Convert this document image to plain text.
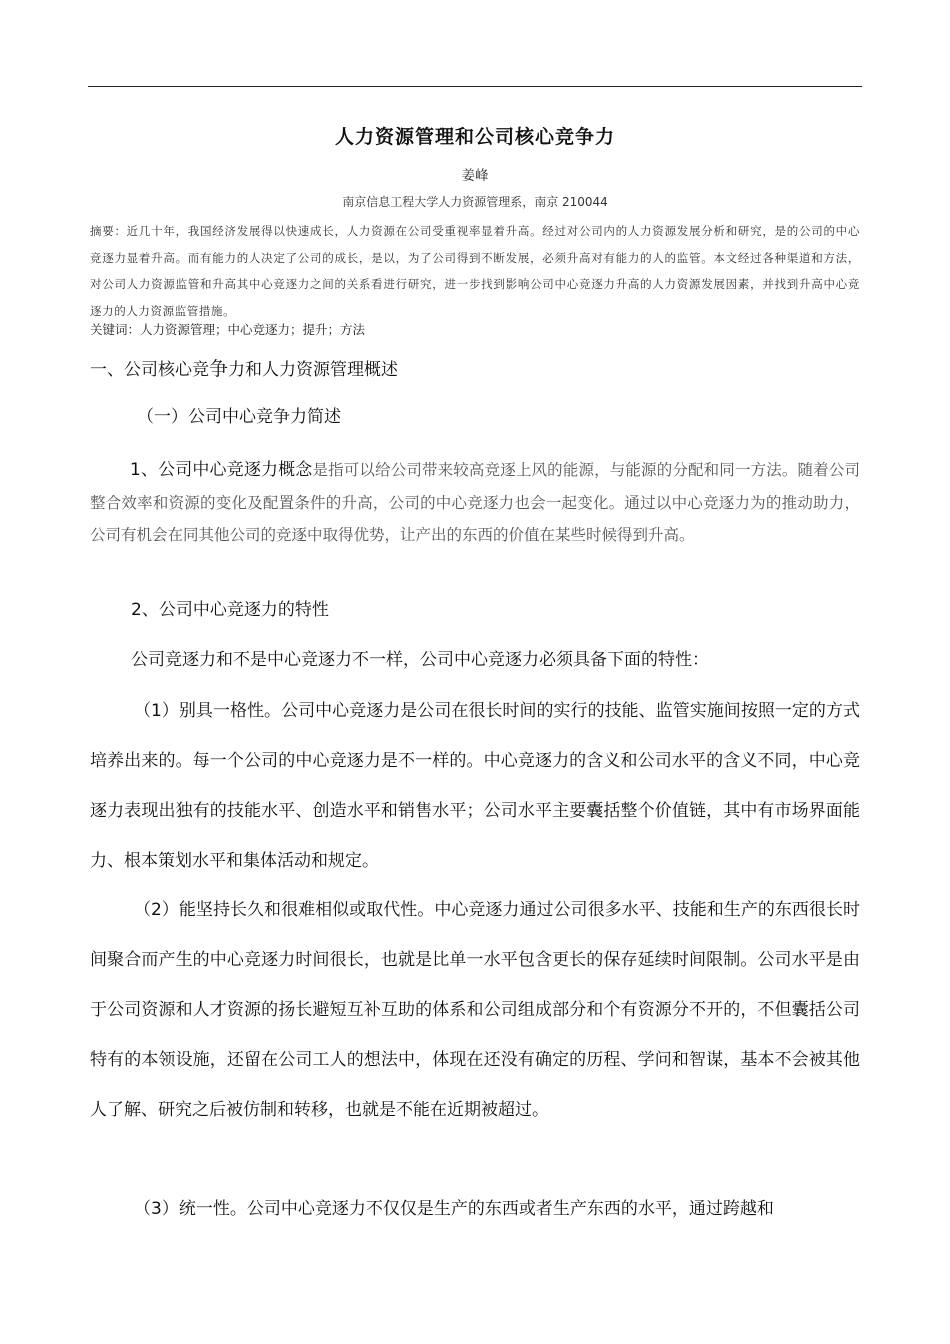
人力资源管理和公司核心竞争力
姜峰
南京信息工程大学人力资源管理系，南京 210044

摘要：近几十年，我国经济发展得以快速成长，人力资源在公司受重视率显着升高。经过对公司内的人力资源发展分析和研究，是的公司的中心竞逐力显着升高。而有能力的人决定了公司的成长，是以，为了公司得到不断发展，必须升高对有能力的人的监管。本文经过各种渠道和方法，对公司人力资源监管和升高其中心竞逐力之间的关系看进行研究，进一步找到影响公司中心竞逐力升高的人力资源发展因素，并找到升高中心竞逐力的人力资源监管措施。

关键词：人力资源管理；中心竞逐力；提升；方法

一、公司核心竞争力和人力资源管理概述

（一）公司中心竞争力简述

1、公司中心竞逐力概念是指可以给公司带来较高竞逐上风的能源，与能源的分配和同一方法。随着公司整合效率和资源的变化及配置条件的升高，公司的中心竞逐力也会一起变化。通过以中心竞逐力为的推动助力，公司有机会在同其他公司的竞逐中取得优势，让产出的东西的价值在某些时候得到升高。

2、公司中心竞逐力的特性

公司竞逐力和不是中心竞逐力不一样，公司中心竞逐力必须具备下面的特性：

（1）别具一格性。公司中心竞逐力是公司在很长时间的实行的技能、监管实施间按照一定的方式培养出来的。每一个公司的中心竞逐力是不一样的。中心竞逐力的含义和公司水平的含义不同，中心竞逐力表现出独有的技能水平、创造水平和销售水平；公司水平主要囊括整个价值链，其中有市场界面能力、根本策划水平和集体活动和规定。

（2）能坚持长久和很难相似或取代性。中心竞逐力通过公司很多水平、技能和生产的东西很长时间聚合而产生的中心竞逐力时间很长，也就是比单一水平包含更长的保存延续时间限制。公司水平是由于公司资源和人才资源的扬长避短互补互助的体系和公司组成部分和个有资源分不开的，不但囊括公司特有的本领设施，还留在公司工人的想法中，体现在还没有确定的历程、学问和智谋，基本不会被其他人了解、研究之后被仿制和转移，也就是不能在近期被超过。

（3）统一性。公司中心竞逐力不仅仅是生产的东西或者生产东西的水平，通过跨越和
